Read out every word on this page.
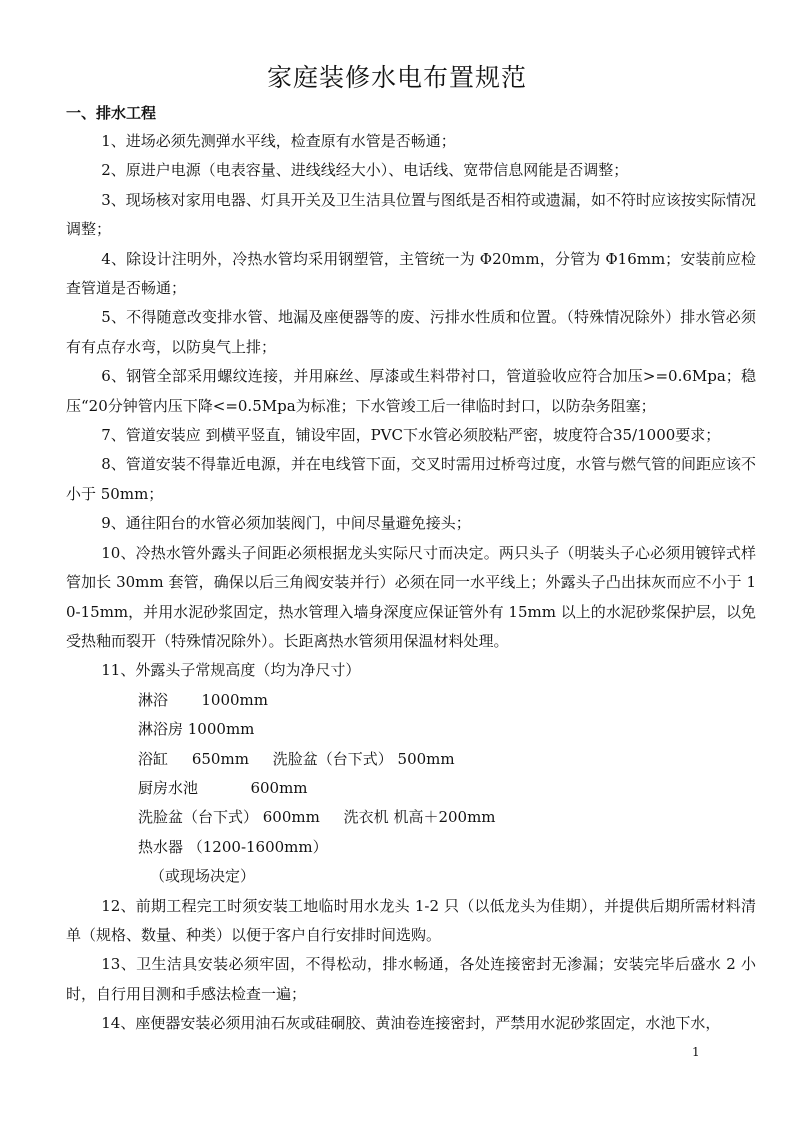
家庭装修水电布置规范
一、排水工程

1、进场必须先测弹水平线，检查原有水管是否畅通；

2、原进户电源（电表容量、进线线经大小）、电话线、宽带信息网能是否调整；

3、现场核对家用电器、灯具开关及卫生洁具位置与图纸是否相符或遗漏，如不符时应该按实际情况调整；

4、除设计注明外，冷热水管均采用钢塑管，主管统一为 Φ20mm，分管为 Φ16mm；安装前应检查管道是否畅通；

5、不得随意改变排水管、地漏及座便器等的废、污排水性质和位置。（特殊情况除外）排水管必须有有点存水弯，以防臭气上排；

6、钢管全部采用螺纹连接，并用麻丝、厚漆或生料带衬口，管道验收应符合加压>=0.6Mpa；稳压“20分钟管内压下降<=0.5Mpa为标准；下水管竣工后一律临时封口，以防杂务阻塞；

7、管道安装应 到横平竖直，铺设牢固，PVC下水管必须胶粘严密，坡度符合35/1000要求；

8、管道安装不得靠近电源，并在电线管下面，交叉时需用过桥弯过度，水管与燃气管的间距应该不小于 50mm；

9、通往阳台的水管必须加装阀门，中间尽量避免接头；

10、冷热水管外露头子间距必须根据龙头实际尺寸而决定。两只头子（明装头子心必须用镀锌式样管加长 30mm 套管，确保以后三角阀安装并行）必须在同一水平线上；外露头子凸出抹灰而应不小于 10-15mm，并用水泥砂浆固定，热水管理入墙身深度应保证管外有 15mm 以上的水泥砂浆保护层，以免受热釉而裂开（特殊情况除外）。长距离热水管须用保温材料处理。

11、外露头子常规高度（均为净尺寸）

淋浴       1000mm
淋浴房 1000mm
浴缸     650mm     洗脸盆（台下式） 500mm
厨房水池           600mm
洗脸盆（台下式） 600mm     洗衣机 机高＋200mm
热水器 （1200-1600mm）
（或现场决定）

12、前期工程完工时须安装工地临时用水龙头 1-2 只（以低龙头为佳期），并提供后期所需材料清单（规格、数量、种类）以便于客户自行安排时间选购。

13、卫生洁具安装必须牢固，不得松动，排水畅通，各处连接密封无渗漏；安装完毕后盛水 2 小时，自行用目测和手感法检查一遍；

14、座便器安装必须用油石灰或硅硐胶、黄油卷连接密封，严禁用水泥砂浆固定，水池下水，

1
